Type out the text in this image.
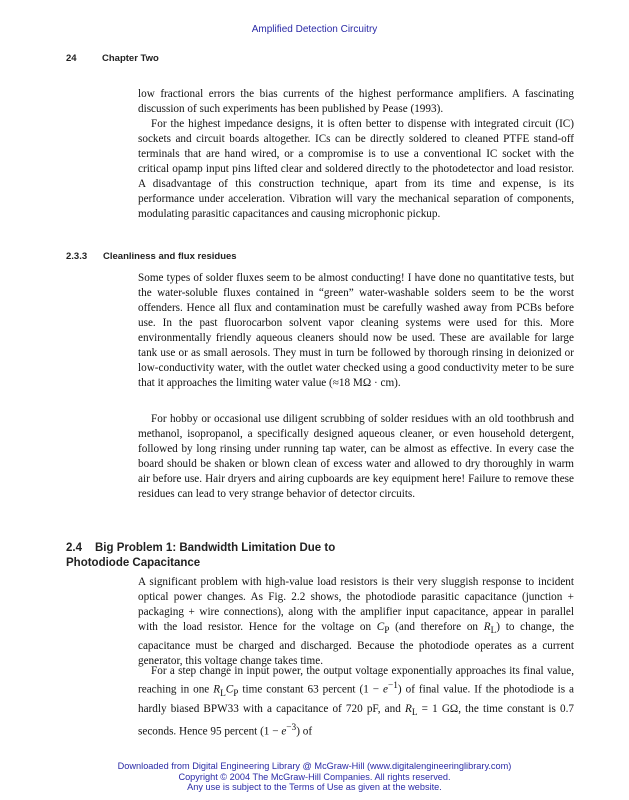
Amplified Detection Circuitry
24	Chapter Two

low fractional errors the bias currents of the highest performance amplifiers. A fascinating discussion of such experiments has been published by Pease (1993).

For the highest impedance designs, it is often better to dispense with integrated circuit (IC) sockets and circuit boards altogether. ICs can be directly soldered to cleaned PTFE stand-off terminals that are hand wired, or a compromise is to use a conventional IC socket with the critical opamp input pins lifted clear and soldered directly to the photodetector and load resistor. A disadvantage of this construction technique, apart from its time and expense, is its performance under acceleration. Vibration will vary the mechanical separation of components, modulating parasitic capacitances and causing microphonic pickup.

2.3.3 Cleanliness and flux residues

Some types of solder fluxes seem to be almost conducting! I have done no quantitative tests, but the water-soluble fluxes contained in “green” water-washable solders seem to be the worst offenders. Hence all flux and contamination must be carefully washed away from PCBs before use. In the past fluorocarbon solvent vapor cleaning systems were used for this. More environmentally friendly aqueous cleaners should now be used. These are available for large tank use or as small aerosols. They must in turn be followed by thorough rinsing in deionized or low-conductivity water, with the outlet water checked using a good conductivity meter to be sure that it approaches the limiting water value (≈18 MΩ · cm).

For hobby or occasional use diligent scrubbing of solder residues with an old toothbrush and methanol, isopropanol, a specifically designed aqueous cleaner, or even household detergent, followed by long rinsing under running tap water, can be almost as effective. In every case the board should be shaken or blown clean of excess water and allowed to dry thoroughly in warm air before use. Hair dryers and airing cupboards are key equipment here! Failure to remove these residues can lead to very strange behavior of detector circuits.

2.4 Big Problem 1: Bandwidth Limitation Due to
Photodiode Capacitance

A significant problem with high-value load resistors is their very sluggish response to incident optical power changes. As Fig. 2.2 shows, the photodiode parasitic capacitance (junction + packaging + wire connections), along with the amplifier input capacitance, appear in parallel with the load resistor. Hence for the voltage on $C_P$ (and therefore on $R_L$) to change, the capacitance must be charged and discharged. Because the photodiode operates as a current generator, this voltage change takes time.

For a step change in input power, the output voltage exponentially approaches its final value, reaching in one $R_LC_P$ time constant 63 percent $(1 - e^{-1})$ of final value. If the photodiode is a hardly biased BPW33 with a capacitance of 720 pF, and $R_L = 1$ GΩ, the time constant is 0.7 seconds. Hence 95 percent $(1 - e^{-3})$ of

Downloaded from Digital Engineering Library @ McGraw-Hill (www.digitalengineeringlibrary.com)
Copyright © 2004 The McGraw-Hill Companies. All rights reserved.
Any use is subject to the Terms of Use as given at the website.
